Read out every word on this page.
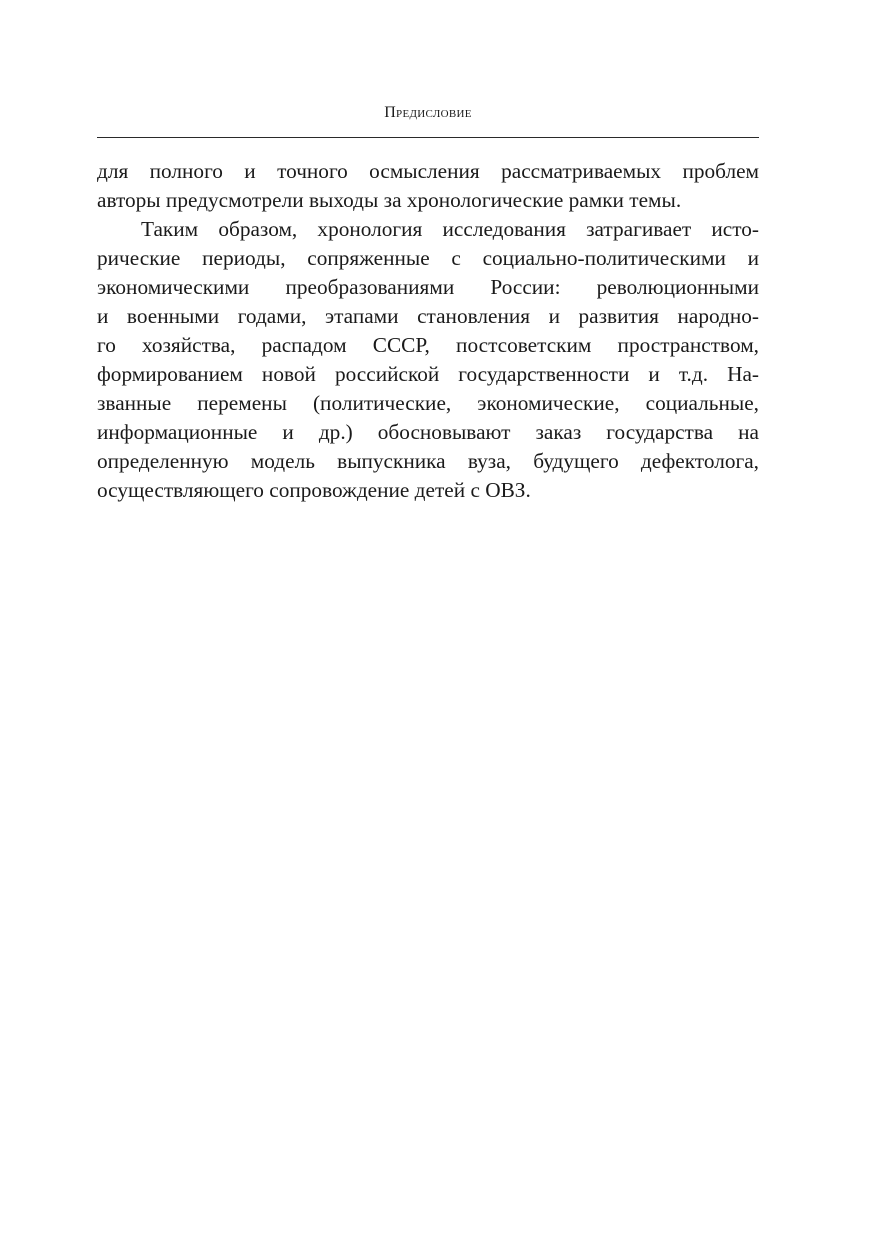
Предисловие
для полного и точного осмысления рассматриваемых проблем
авторы предусмотрели выходы за хронологические рамки темы.
Таким образом, хронология исследования затрагивает исто-
рические периоды, сопряженные с социально-политическими и
экономическими преобразованиями России: революционными
и военными годами, этапами становления и развития народно-
го хозяйства, распадом СССР, постсоветским пространством,
формированием новой российской государственности и т.д. На-
званные перемены (политические, экономические, социальные,
информационные и др.) обосновывают заказ государства на
определенную модель выпускника вуза, будущего дефектолога,
осуществляющего сопровождение детей с ОВЗ.
